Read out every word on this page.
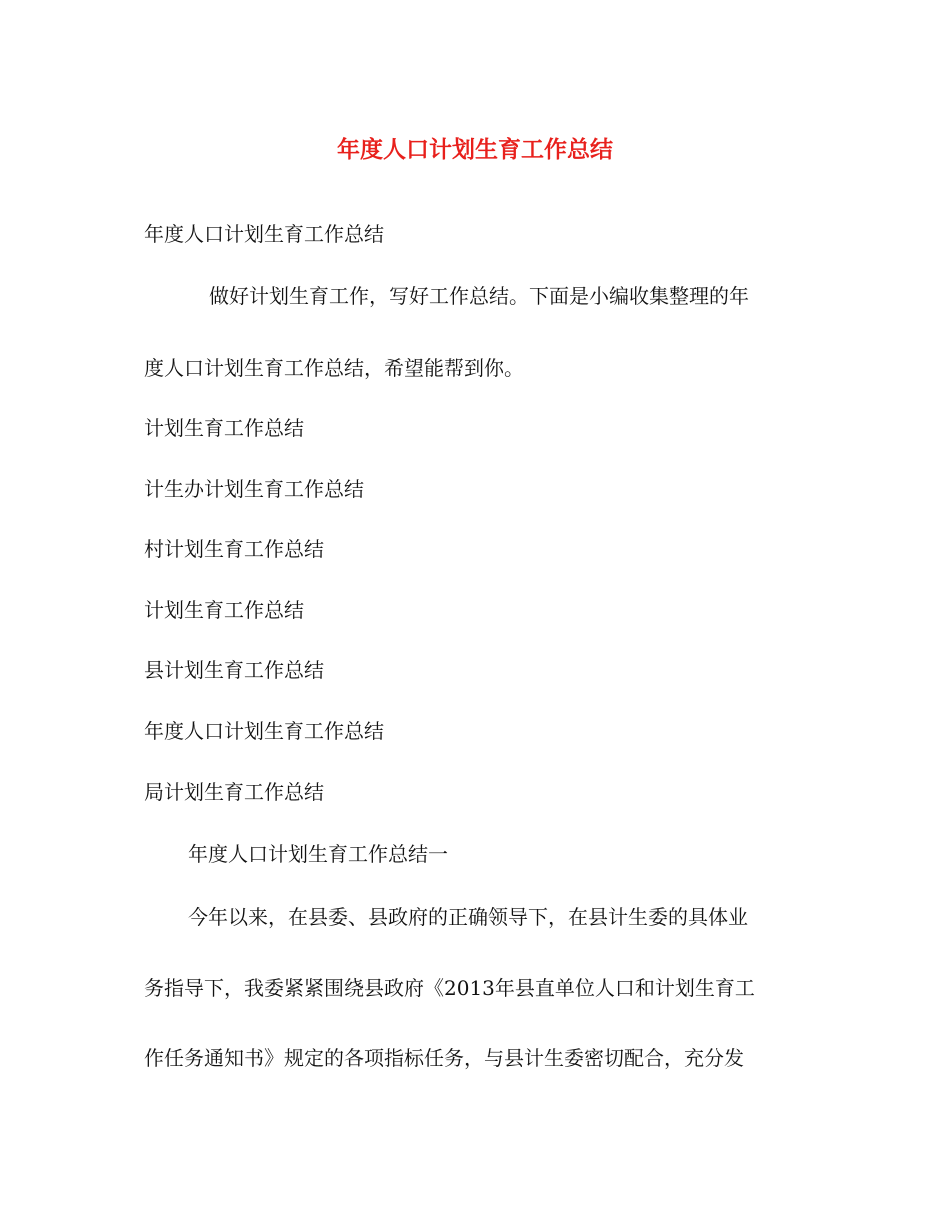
年度人口计划生育工作总结
年度人口计划生育工作总结
做好计划生育工作，写好工作总结。下面是小编收集整理的年
度人口计划生育工作总结，希望能帮到你。
计划生育工作总结
计生办计划生育工作总结
村计划生育工作总结
计划生育工作总结
县计划生育工作总结
年度人口计划生育工作总结
局计划生育工作总结
年度人口计划生育工作总结一
今年以来，在县委、县政府的正确领导下，在县计生委的具体业
务指导下，我委紧紧围绕县政府《2013年县直单位人口和计划生育工
作任务通知书》规定的各项指标任务，与县计生委密切配合，充分发
